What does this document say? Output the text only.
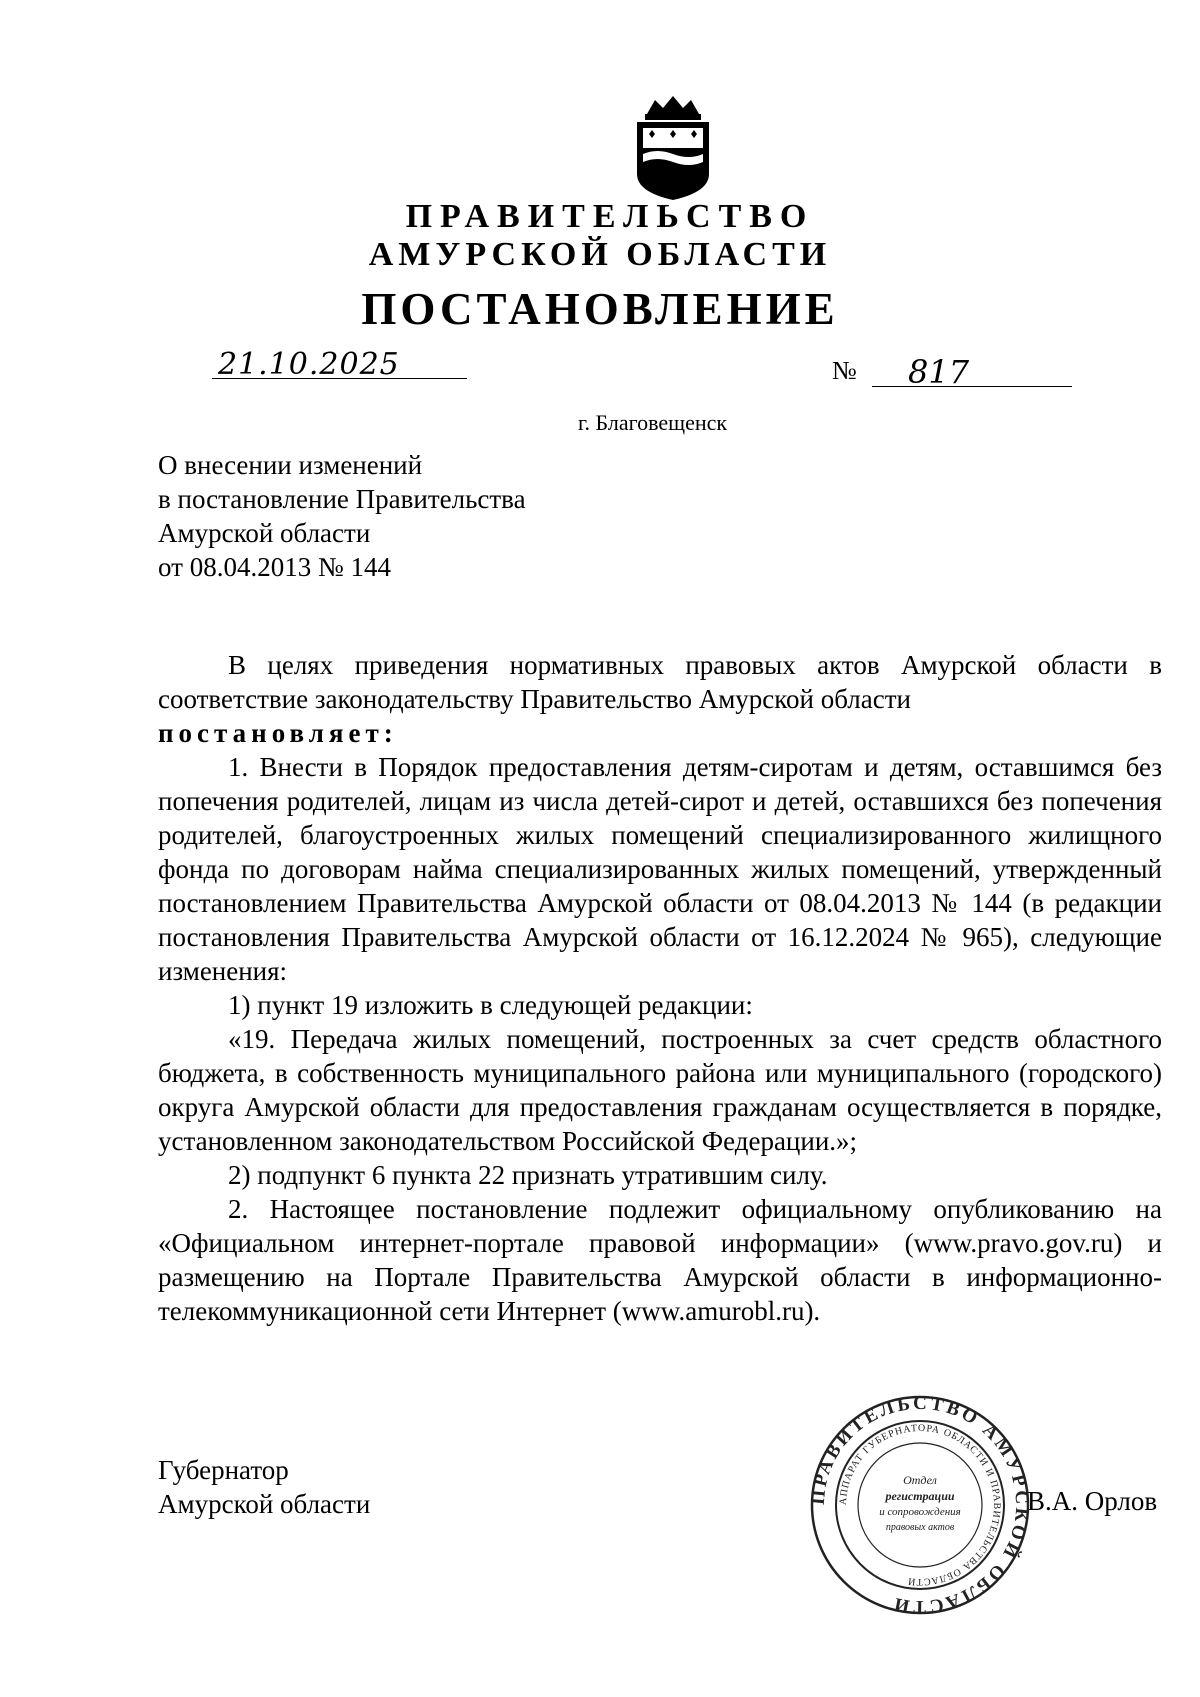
ПРАВИТЕЛЬСТВО
АМУРСКОЙ ОБЛАСТИ
ПОСТАНОВЛЕНИЕ
21.10.2025	№ 817
г. Благовещенск
О внесении изменений
в постановление Правительства
Амурской области
от 08.04.2013 № 144

В целях приведения нормативных правовых актов Амурской области в соответствие законодательству Правительство Амурской области

постановляет:

1. Внести в Порядок предоставления детям-сиротам и детям, оставшимся без попечения родителей, лицам из числа детей-сирот и детей, оставшихся без попечения родителей, благоустроенных жилых помещений специализированного жилищного фонда по договорам найма специализированных жилых помещений, утвержденный постановлением Правительства Амурской области от 08.04.2013 № 144 (в редакции постановления Правительства Амурской области от 16.12.2024 № 965), следующие изменения:

1) пункт 19 изложить в следующей редакции:

«19. Передача жилых помещений, построенных за счет средств областного бюджета, в собственность муниципального района или муниципального (городского) округа Амурской области для предоставления гражданам осуществляется в порядке, установленном законодательством Российской Федерации.»;

2) подпункт 6 пункта 22 признать утратившим силу.

2. Настоящее постановление подлежит официальному опубликованию на «Официальном интернет-портале правовой информации» (www.pravo.gov.ru) и размещению на Портале Правительства Амурской области в информационно-телекоммуникационной сети Интернет (www.amurobl.ru).

Губернатор
Амурской области	В.А. Орлов
ПРАВИТЕЛЬСТВО АМУРСКОЙ ОБЛАСТИ
АППАРАТ ГУБЕРНАТОРА ОБЛАСТИ И ПРАВИТЕЛЬСТВА ОБЛАСТИ
Отдел
регистрации
и сопровождения
правовых актов
